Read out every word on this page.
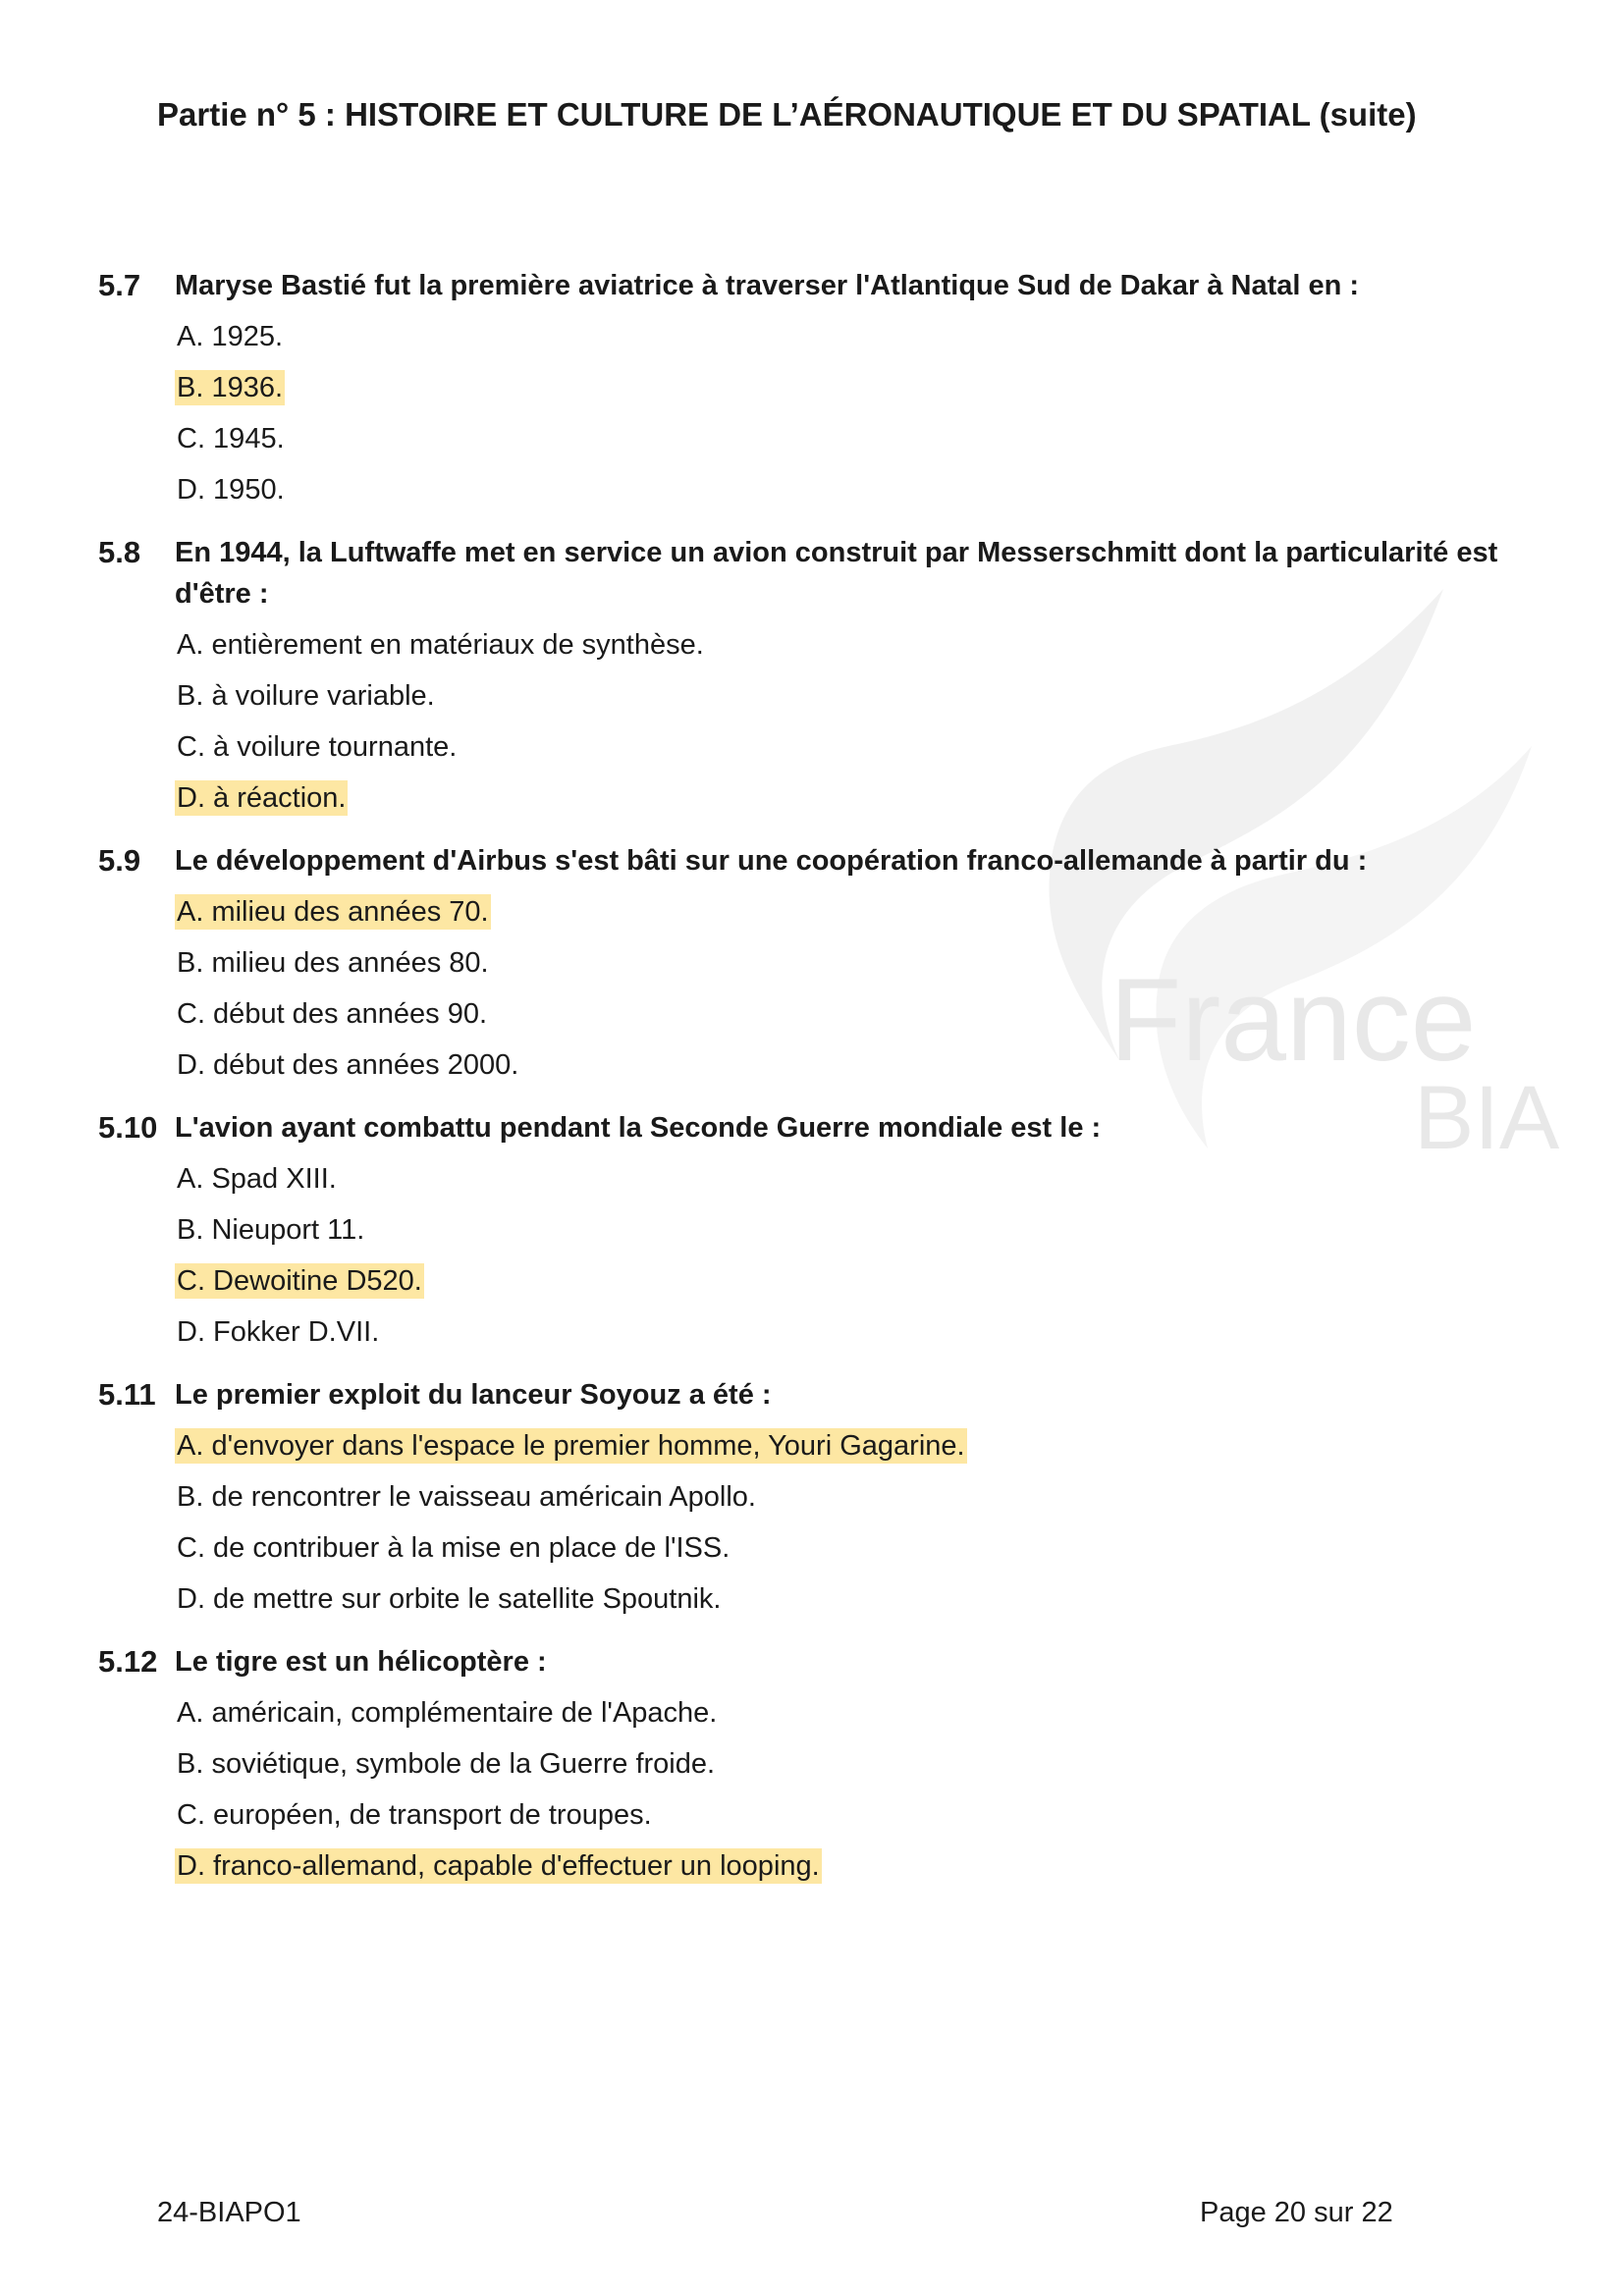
Partie n° 5 : HISTOIRE ET CULTURE DE L’AÉRONAUTIQUE ET DU SPATIAL (suite)
France
BIA
5.7	Maryse Bastié fut la première aviatrice à traverser l'Atlantique Sud de Dakar à Natal en :
A. 1925.
B. 1936.
C. 1945.
D. 1950.
5.8	En 1944, la Luftwaffe met en service un avion construit par Messerschmitt dont la particularité est d'être :
A. entièrement en matériaux de synthèse.
B. à voilure variable.
C. à voilure tournante.
D. à réaction.
5.9	Le développement d'Airbus s'est bâti sur une coopération franco-allemande à partir du :
A. milieu des années 70.
B. milieu des années 80.
C. début des années 90.
D. début des années 2000.
5.10 L'avion ayant combattu pendant la Seconde Guerre mondiale est le :
A. Spad XIII.
B. Nieuport 11.
C. Dewoitine D520.
D. Fokker D.VII.
5.11 Le premier exploit du lanceur Soyouz a été :
A. d'envoyer dans l'espace le premier homme, Youri Gagarine.
B. de rencontrer le vaisseau américain Apollo.
C. de contribuer à la mise en place de l'ISS.
D. de mettre sur orbite le satellite Spoutnik.
5.12 Le tigre est un hélicoptère :
A. américain, complémentaire de l'Apache.
B. soviétique, symbole de la Guerre froide.
C. européen, de transport de troupes.
D. franco-allemand, capable d'effectuer un looping.
24-BIAPO1	Page 20 sur 22
